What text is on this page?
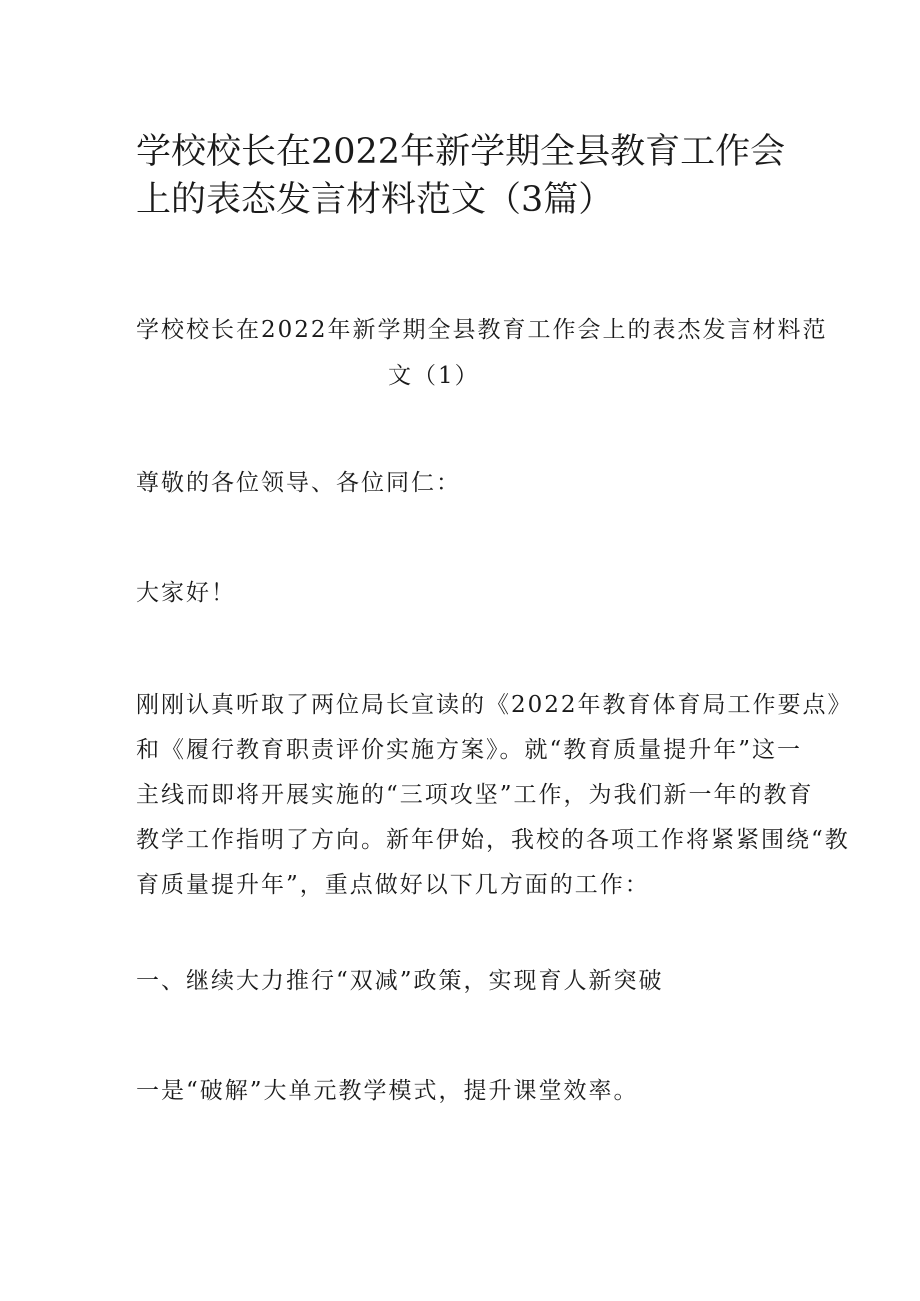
学校校长在2022年新学期全县教育工作会
上的表态发言材料范文（3篇）
学校校长在2022年新学期全县教育工作会上的表杰发言材料范
文（1）

尊敬的各位领导、各位同仁：

大家好！

刚刚认真听取了两位局长宣读的《2022年教育体育局工作要点》
和《履行教育职责评价实施方案》。就“教育质量提升年”这一
主线而即将开展实施的“三项攻坚”工作，为我们新一年的教育
教学工作指明了方向。新年伊始，我校的各项工作将紧紧围绕“教
育质量提升年”，重点做好以下几方面的工作：

一、继续大力推行“双减”政策，实现育人新突破

一是“破解”大单元教学模式，提升课堂效率。
